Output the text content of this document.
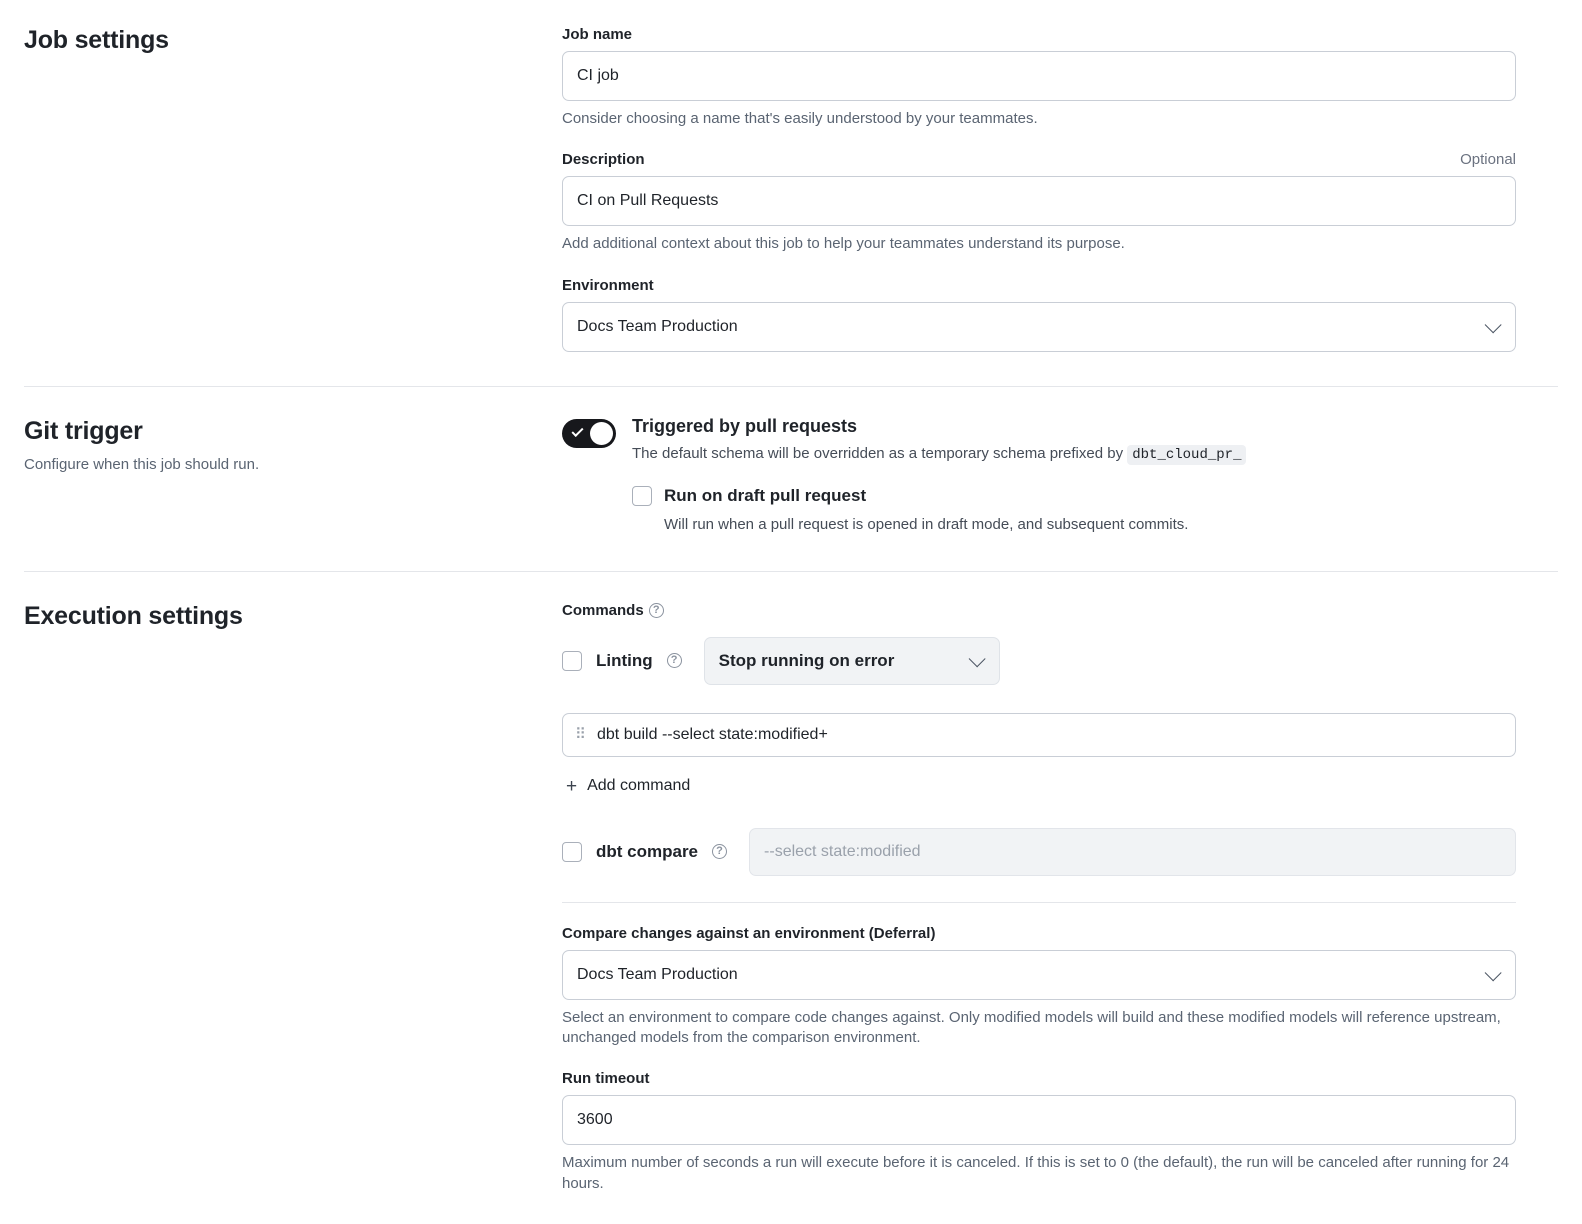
Job settings	Job name
CI job
Consider choosing a name that's easily understood by your teammates.
Description	Optional
CI on Pull Requests
Add additional context about this job to help your teammates understand its purpose.
Environment
Docs Team Production
Git trigger
Configure when this job should run.
Triggered by pull requests
The default schema will be overridden as a temporary schema prefixed by dbt_cloud_pr_
Run on draft pull request
Will run when a pull request is opened in draft mode, and subsequent commits.
Execution settings	Commands ?
Linting	? Stop running on error
⠿ dbt build --select state:modified+
+ Add command
dbt compare	?	--select state:modified
Compare changes against an environment (Deferral)
Docs Team Production
Select an environment to compare code changes against. Only modified models will build and these modified models will reference upstream, unchanged models from the comparison environment.
Run timeout
3600
Maximum number of seconds a run will execute before it is canceled. If this is set to 0 (the default), the run will be canceled after running for 24 hours.
